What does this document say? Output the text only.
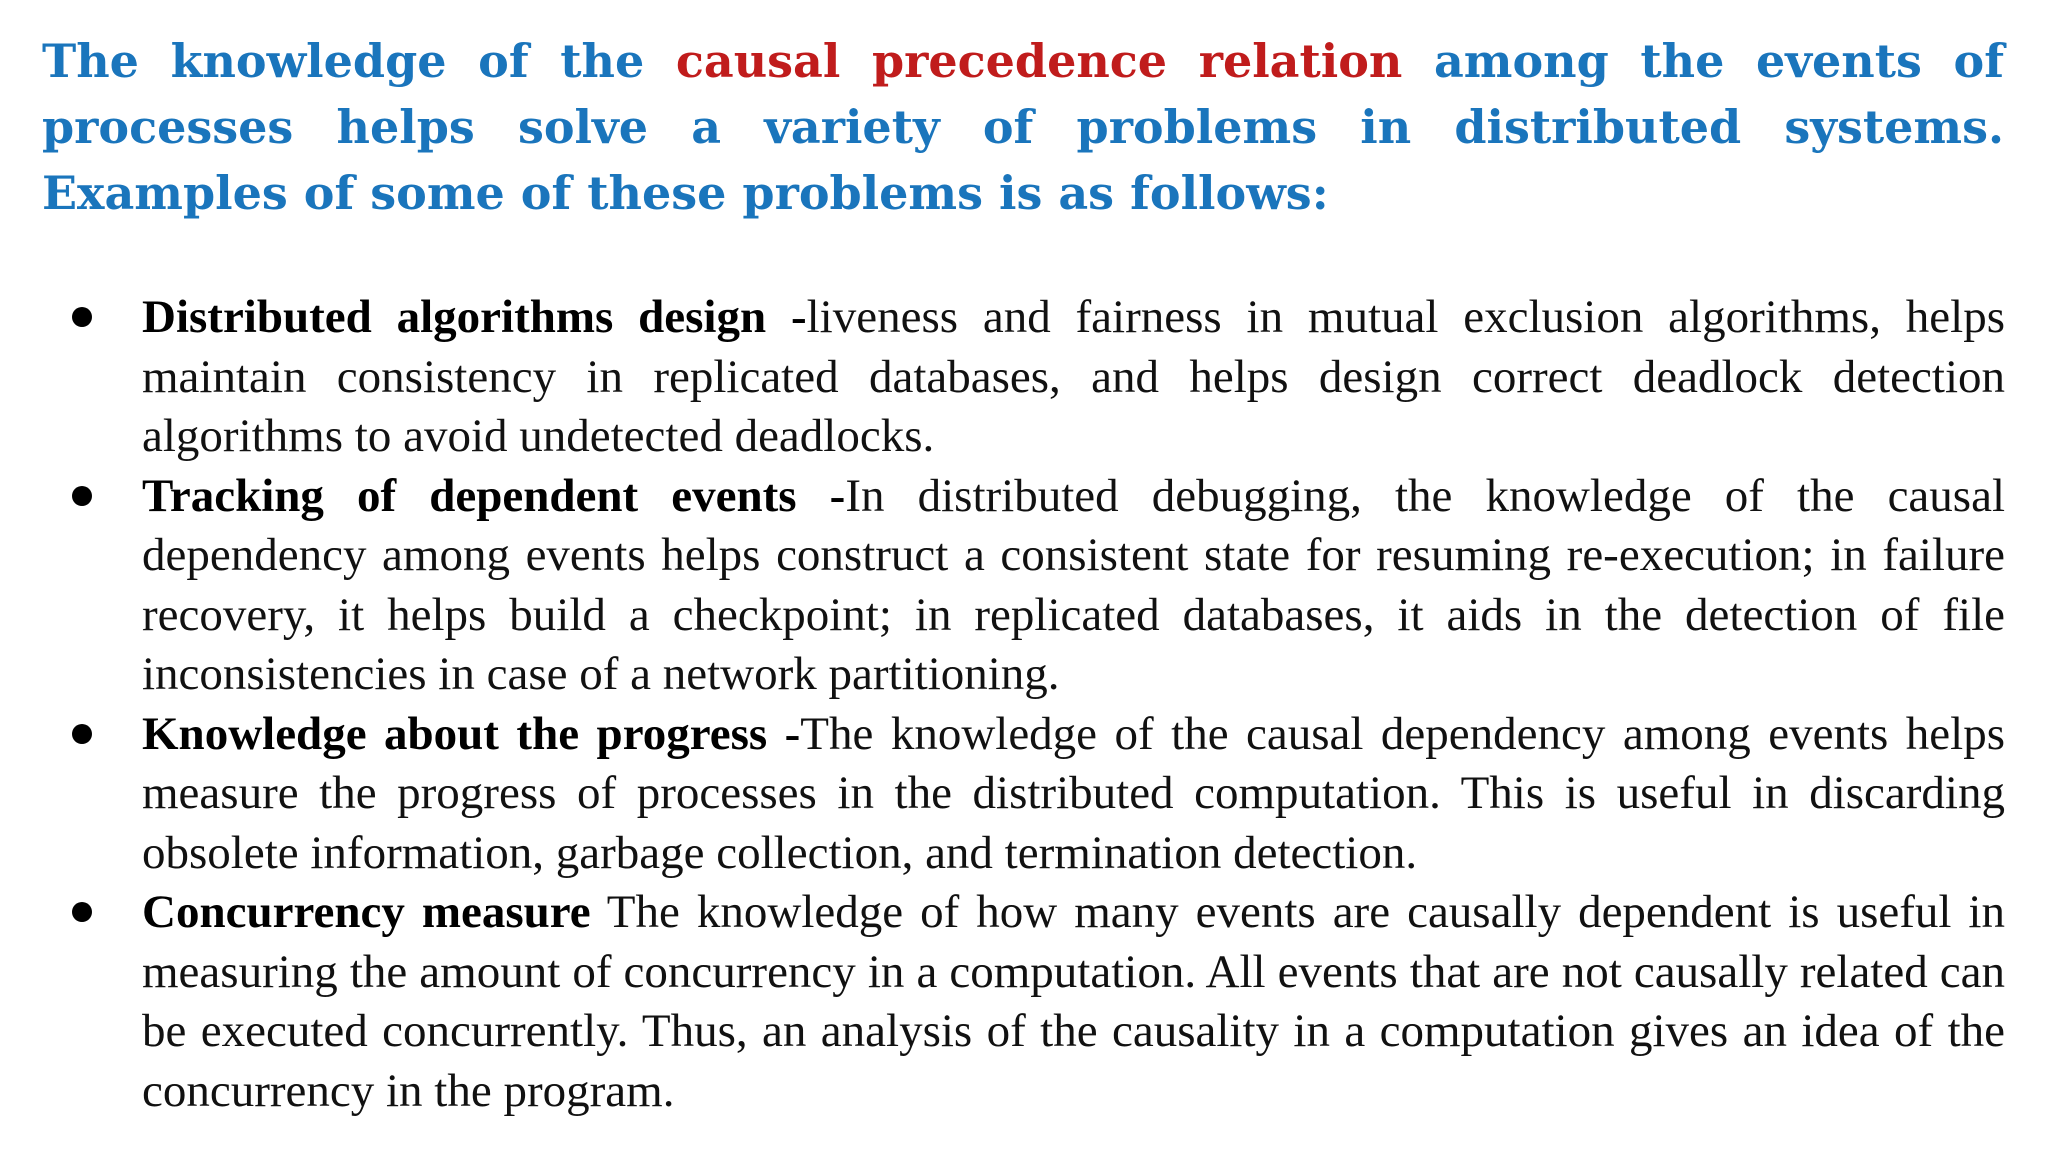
The knowledge of the causal precedence relation among the events of processes helps solve a variety of problems in distributed systems. Examples of some of these problems is as follows:

Distributed algorithms design -liveness and fairness in mutual exclusion algorithms, helps maintain consistency in replicated databases, and helps design correct deadlock detection algorithms to avoid undetected deadlocks.
Tracking of dependent events -In distributed debugging, the knowledge of the causal dependency among events helps construct a consistent state for resuming re-execution; in failure recovery, it helps build a checkpoint; in replicated databases, it aids in the detection of file inconsistencies in case of a network partitioning.
Knowledge about the progress -The knowledge of the causal dependency among events helps measure the progress of processes in the distributed computation. This is useful in discarding obsolete information, garbage collection, and termination detection.
Concurrency measure The knowledge of how many events are causally dependent is useful in measuring the amount of concurrency in a computation. All events that are not causally related can be executed concurrently. Thus, an analysis of the causality in a computation gives an idea of the concurrency in the program.
